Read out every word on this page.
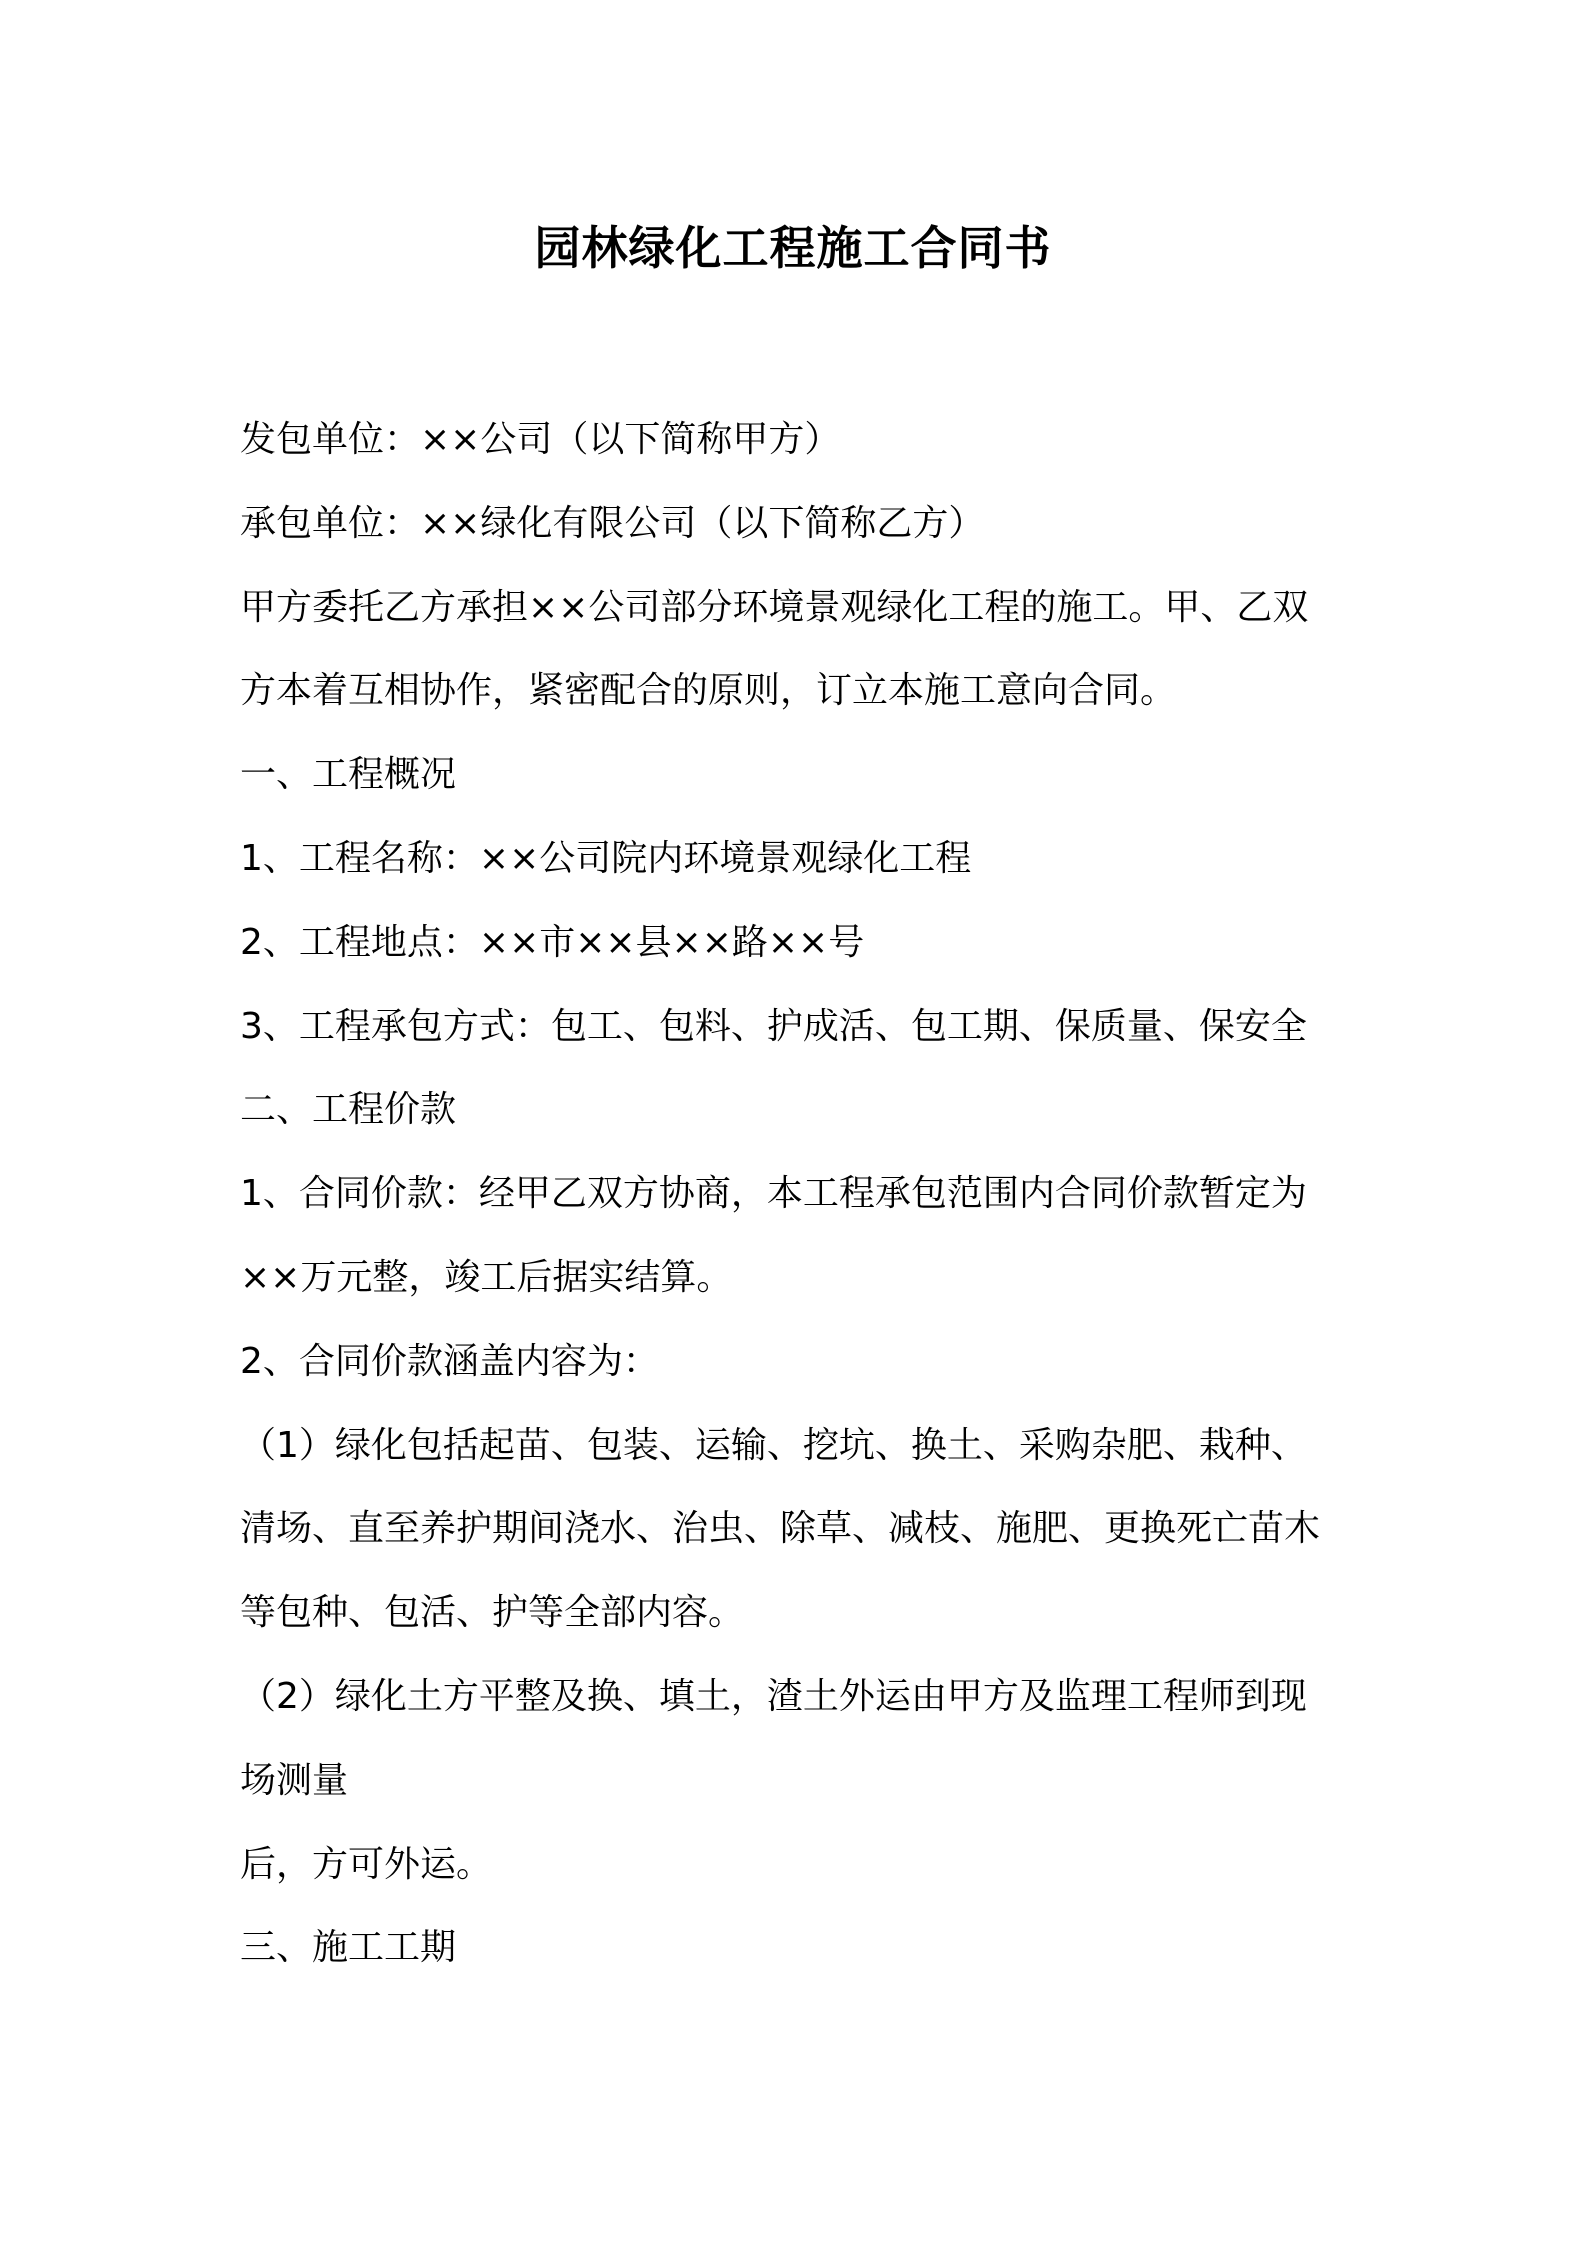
园林绿化工程施工合同书
发包单位：××公司（以下简称甲方）
承包单位：××绿化有限公司（以下简称乙方）
甲方委托乙方承担××公司部分环境景观绿化工程的施工。甲、乙双
方本着互相协作，紧密配合的原则，订立本施工意向合同。
一、工程概况
1、工程名称：××公司院内环境景观绿化工程
2、工程地点：××市××县××路××号
3、工程承包方式：包工、包料、护成活、包工期、保质量、保安全
二、工程价款
1、合同价款：经甲乙双方协商，本工程承包范围内合同价款暂定为
××万元整，竣工后据实结算。
2、合同价款涵盖内容为：
（1）绿化包括起苗、包装、运输、挖坑、换土、采购杂肥、栽种、
清场、直至养护期间浇水、治虫、除草、减枝、施肥、更换死亡苗木
等包种、包活、护等全部内容。
（2）绿化土方平整及换、填土，渣土外运由甲方及监理工程师到现
场测量
后，方可外运。
三、施工工期
